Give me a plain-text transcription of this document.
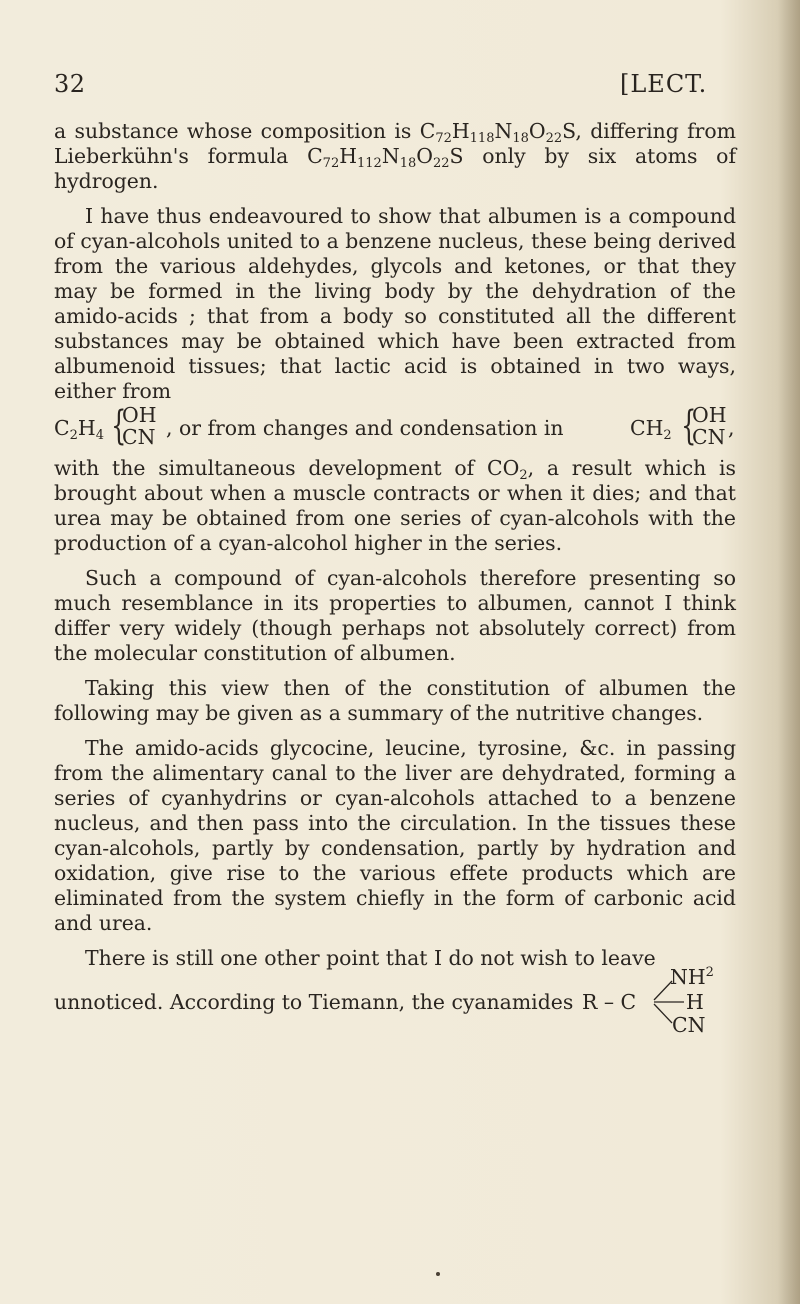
32	[LECT.

a substance whose composition is $C_{72}H_{118}N_{18}O_{22}S$, differing from Lieberkühn's formula $C_{72}H_{112}N_{18}O_{22}S$ only by six atoms of hydrogen.

I have thus endeavoured to show that albumen is a compound of cyan-alcohols united to a benzene nucleus, these being derived from the various aldehydes, glycols and ketones, or that they may be formed in the living body by the dehydration of the amido-acids ; that from a body so constituted all the different substances may be obtained which have been extracted from albumenoid tissues; that lactic acid is obtained in two ways, either from

$C_2H_4$ {
OH
CN , or from changes and condensation in	$CH_2$ {
OH
CN ,

with the simultaneous development of $CO_2$, a result which is brought about when a muscle contracts or when it dies; and that urea may be obtained from one series of cyan-alcohols with the production of a cyan-alcohol higher in the series.

Such a compound of cyan-alcohols therefore presenting so much resemblance in its properties to albumen, cannot I think differ very widely (though perhaps not absolutely correct) from the molecular constitution of albumen.

Taking this view then of the constitution of albumen the following may be given as a summary of the nutritive changes.

The amido-acids glycocine, leucine, tyrosine, &c. in passing from the alimentary canal to the liver are dehydrated, forming a series of cyanhydrins or cyan-alcohols attached to a benzene nucleus, and then pass into the circulation. In the tissues these cyan-alcohols, partly by condensation, partly by hydration and oxidation, give rise to the various effete products which are eliminated from the system chiefly in the form of carbonic acid and urea.

There is still one other point that I do not wish to leave

unnoticed. According to Tiemann, the cyanamides R – C
$NH^2$
H
CN
